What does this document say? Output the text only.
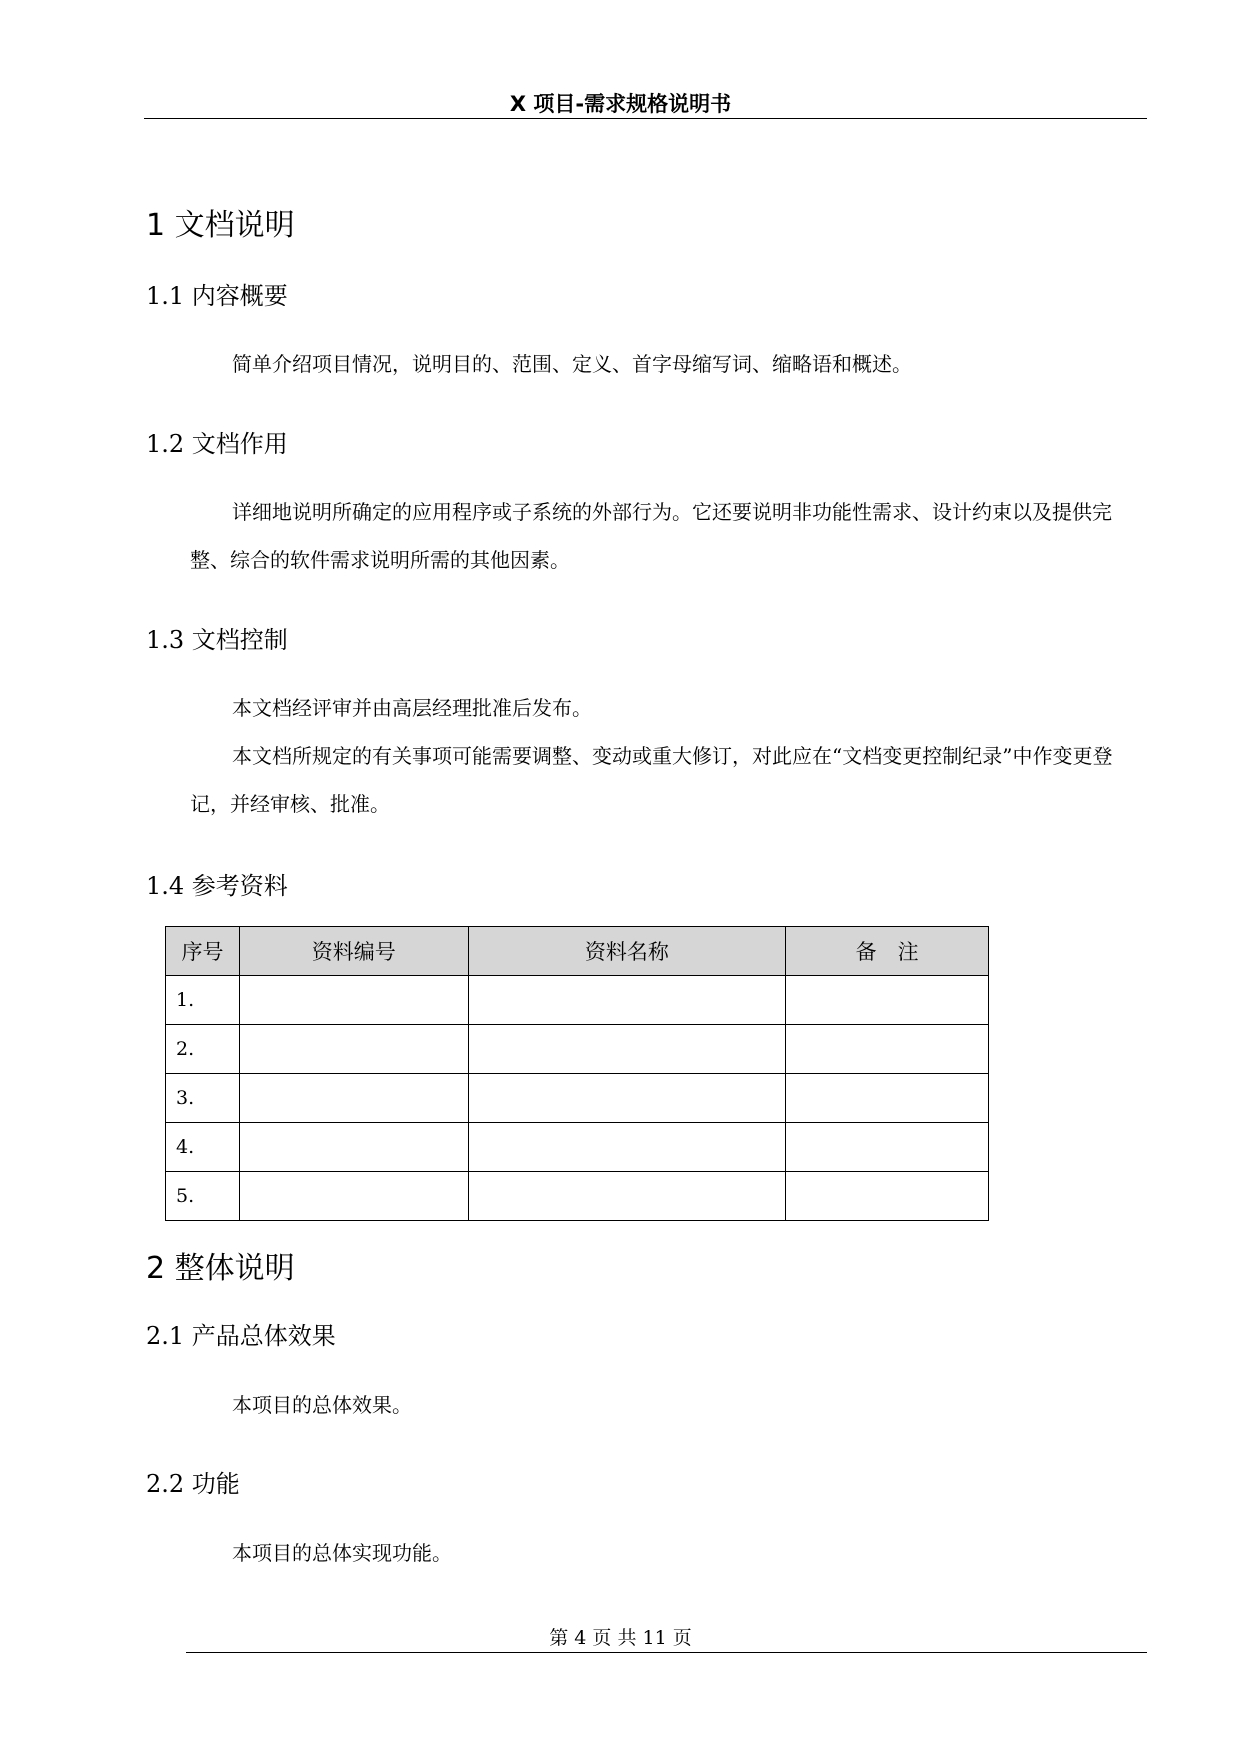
X 项目-需求规格说明书
1 文档说明
1.1 内容概要
简单介绍项目情况，说明目的、范围、定义、首字母缩写词、缩略语和概述。
1.2 文档作用
详细地说明所确定的应用程序或子系统的外部行为。它还要说明非功能性需求、设计约束以及提供完整、综合的软件需求说明所需的其他因素。
1.3 文档控制
本文档经评审并由高层经理批准后发布。
本文档所规定的有关事项可能需要调整、变动或重大修订，对此应在“文档变更控制纪录”中作变更登记，并经审核、批准。
1.4 参考资料
序号	资料编号	资料名称	备　注
1.			
2.			
3.			
4.			
5.			
2 整体说明
2.1 产品总体效果
本项目的总体效果。
2.2 功能
本项目的总体实现功能。
第 4 页 共 11 页
